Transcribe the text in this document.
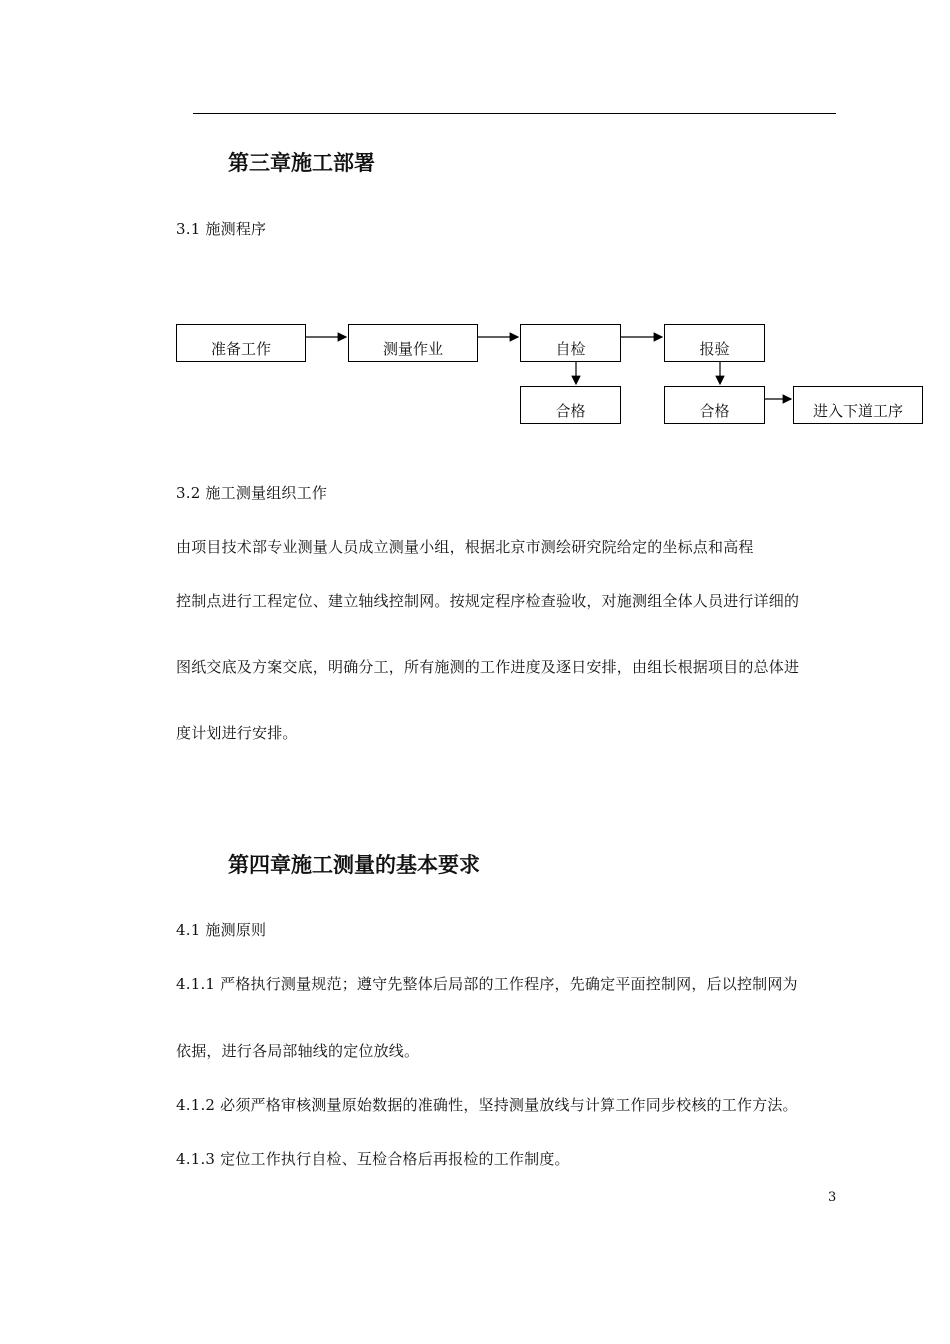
第三章施工部署
3.1 施测程序
准备工作	测量作业	自检	报验
合格	合格	进入下道工序
3.2 施工测量组织工作
由项目技术部专业测量人员成立测量小组，根据北京市测绘研究院给定的坐标点和高程
控制点进行工程定位、建立轴线控制网。按规定程序检查验收，对施测组全体人员进行详细的
图纸交底及方案交底，明确分工，所有施测的工作进度及逐日安排，由组长根据项目的总体进
度计划进行安排。
第四章施工测量的基本要求
4.1 施测原则
4.1.1 严格执行测量规范；遵守先整体后局部的工作程序，先确定平面控制网，后以控制网为
依据，进行各局部轴线的定位放线。
4.1.2 必须严格审核测量原始数据的准确性，坚持测量放线与计算工作同步校核的工作方法。
4.1.3 定位工作执行自检、互检合格后再报检的工作制度。
3
